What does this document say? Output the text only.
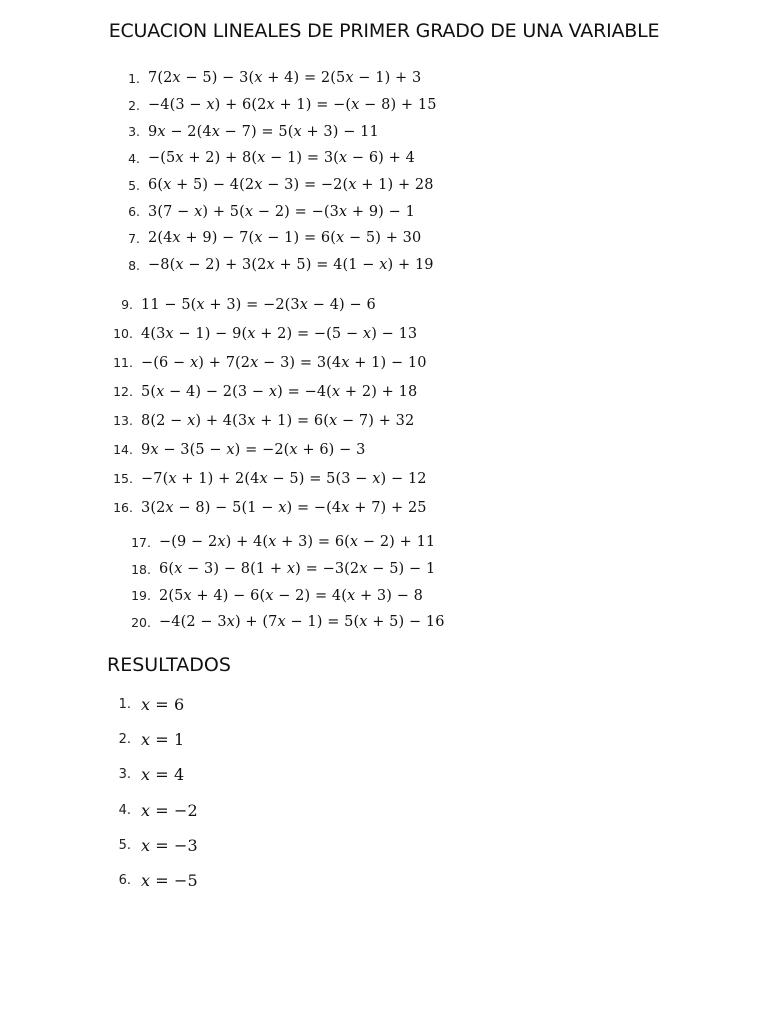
ECUACION LINEALES DE PRIMER GRADO DE UNA VARIABLE
1. 7(2x − 5) − 3(x + 4) = 2(5x − 1) + 3
2. −4(3 − x) + 6(2x + 1) = −(x − 8) + 15
3. 9x − 2(4x − 7) = 5(x + 3) − 11
4. −(5x + 2) + 8(x − 1) = 3(x − 6) + 4
5. 6(x + 5) − 4(2x − 3) = −2(x + 1) + 28
6. 3(7 − x) + 5(x − 2) = −(3x + 9) − 1
7. 2(4x + 9) − 7(x − 1) = 6(x − 5) + 30
8. −8(x − 2) + 3(2x + 5) = 4(1 − x) + 19
9. 11 − 5(x + 3) = −2(3x − 4) − 6
10. 4(3x − 1) − 9(x + 2) = −(5 − x) − 13
11. −(6 − x) + 7(2x − 3) = 3(4x + 1) − 10
12. 5(x − 4) − 2(3 − x) = −4(x + 2) + 18
13. 8(2 − x) + 4(3x + 1) = 6(x − 7) + 32
14. 9x − 3(5 − x) = −2(x + 6) − 3
15. −7(x + 1) + 2(4x − 5) = 5(3 − x) − 12
16. 3(2x − 8) − 5(1 − x) = −(4x + 7) + 25
17. −(9 − 2x) + 4(x + 3) = 6(x − 2) + 11
18. 6(x − 3) − 8(1 + x) = −3(2x − 5) − 1
19. 2(5x + 4) − 6(x − 2) = 4(x + 3) − 8
20. −4(2 − 3x) + (7x − 1) = 5(x + 5) − 16
RESULTADOS
1. x = 6
2. x = 1
3. x = 4
4. x = −2
5. x = −3
6. x = −5
